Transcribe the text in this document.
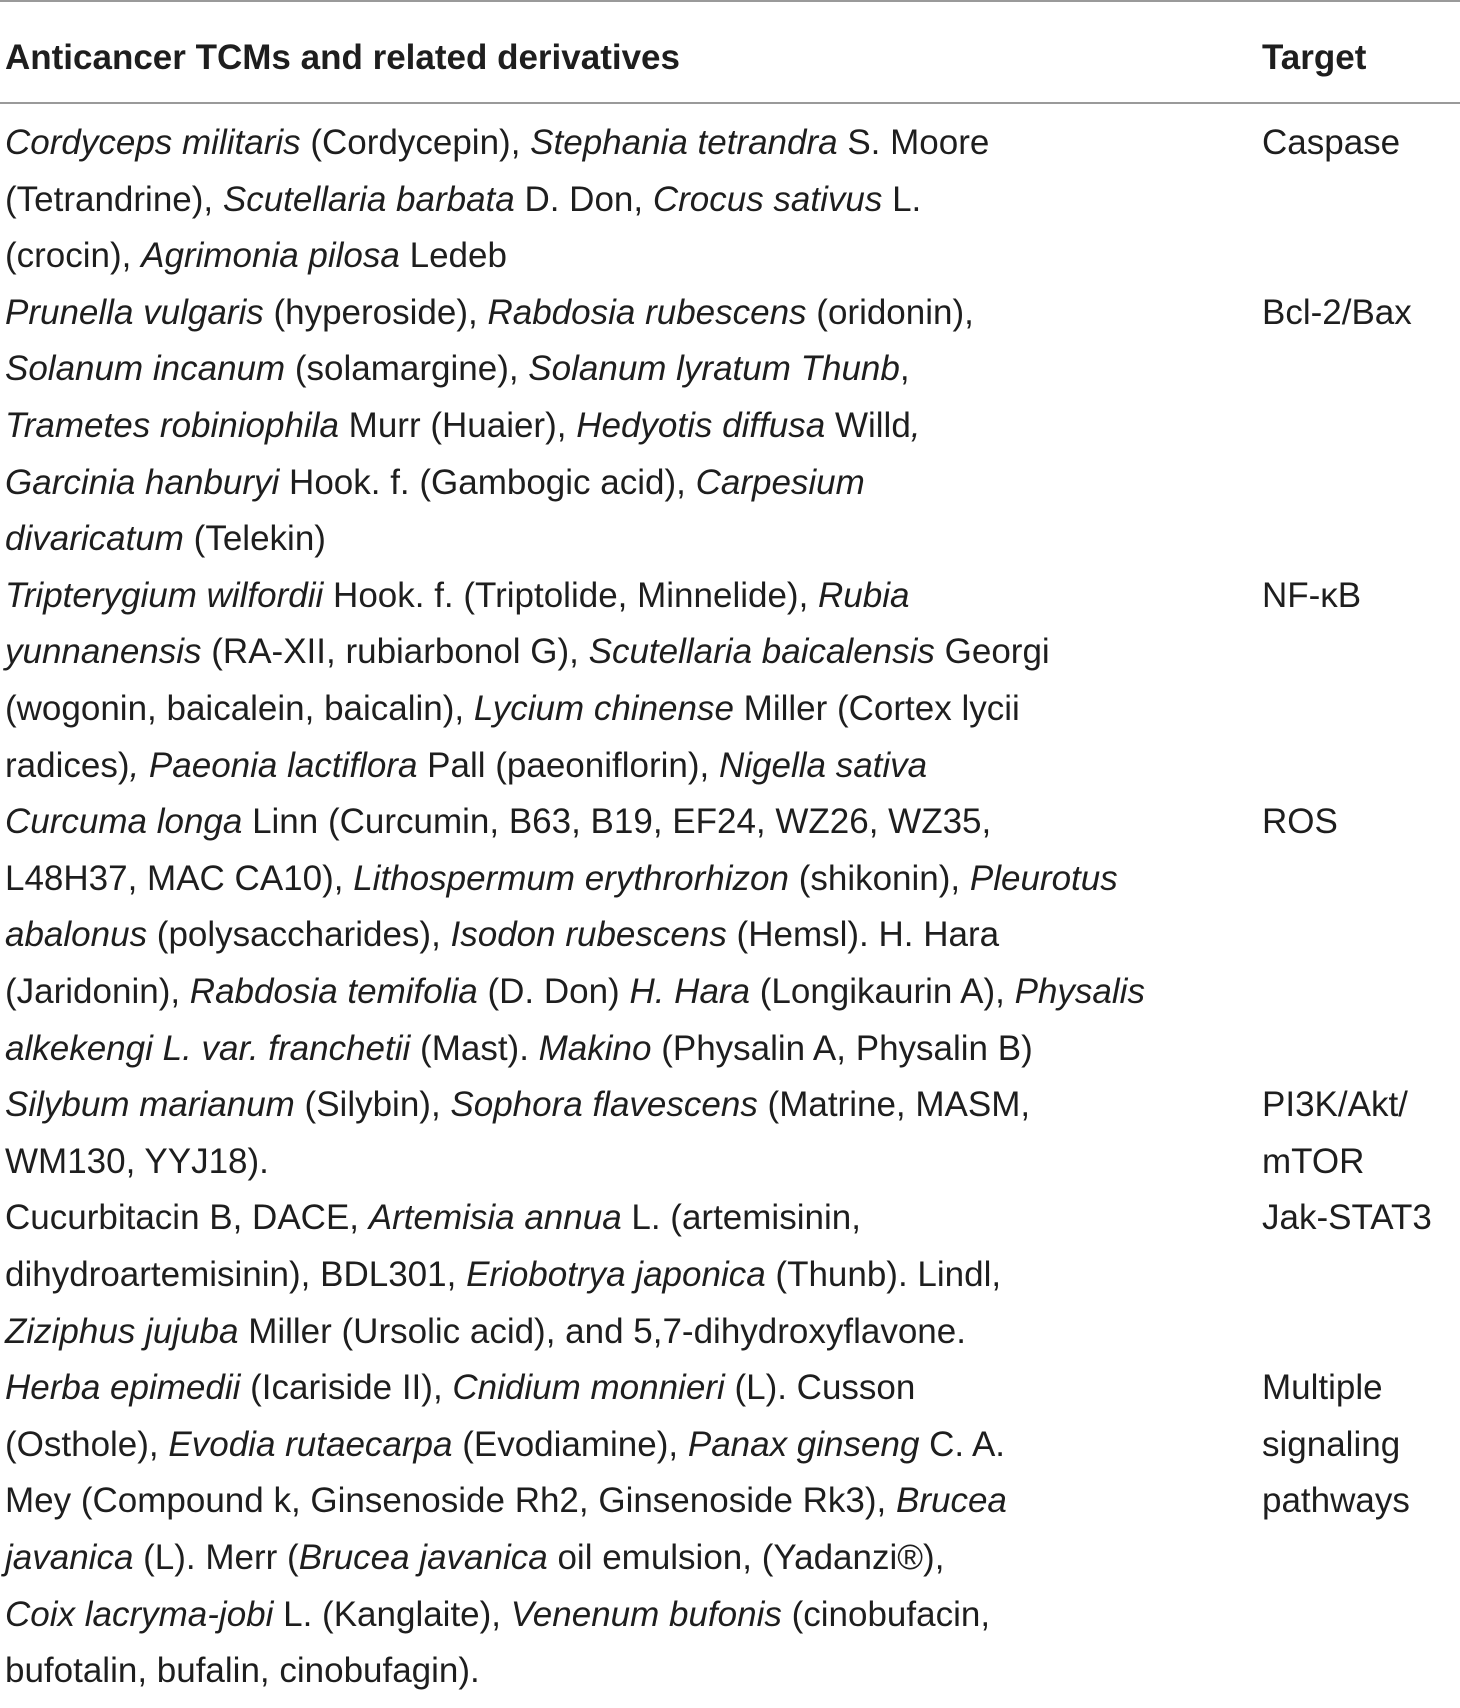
Anticancer TCMs and related derivatives	Target
Cordyceps militaris (Cordycepin), Stephania tetrandra S. Moore
(Tetrandrine), Scutellaria barbata D. Don, Crocus sativus L.
(crocin), Agrimonia pilosa Ledeb
Caspase
Prunella vulgaris (hyperoside), Rabdosia rubescens (oridonin),
Solanum incanum (solamargine), Solanum lyratum Thunb,
Trametes robiniophila Murr (Huaier), Hedyotis diffusa Willd,
Garcinia hanburyi Hook. f. (Gambogic acid), Carpesium
divaricatum (Telekin)
Bcl-2/Bax
Tripterygium wilfordii Hook. f. (Triptolide, Minnelide), Rubia
yunnanensis (RA-XII, rubiarbonol G), Scutellaria baicalensis Georgi
(wogonin, baicalein, baicalin), Lycium chinense Miller (Cortex lycii
radices), Paeonia lactiflora Pall (paeoniflorin), Nigella sativa
NF-κB
Curcuma longa Linn (Curcumin, B63, B19, EF24, WZ26, WZ35,
L48H37, MAC CA10), Lithospermum erythrorhizon (shikonin), Pleurotus
abalonus (polysaccharides), Isodon rubescens (Hemsl). H. Hara
(Jaridonin), Rabdosia temifolia (D. Don) H. Hara (Longikaurin A), Physalis
alkekengi L. var. franchetii (Mast). Makino (Physalin A, Physalin B)
ROS
Silybum marianum (Silybin), Sophora flavescens (Matrine, MASM,
WM130, YYJ18).
PI3K/Akt/
mTOR
Cucurbitacin B, DACE, Artemisia annua L. (artemisinin,
dihydroartemisinin), BDL301, Eriobotrya japonica (Thunb). Lindl,
Ziziphus jujuba Miller (Ursolic acid), and 5,7-dihydroxyflavone.
Jak-STAT3
Herba epimedii (Icariside II), Cnidium monnieri (L). Cusson
(Osthole), Evodia rutaecarpa (Evodiamine), Panax ginseng C. A.
Mey (Compound k, Ginsenoside Rh2, Ginsenoside Rk3), Brucea
javanica (L). Merr (Brucea javanica oil emulsion, (Yadanzi®),
Coix lacryma-jobi L. (Kanglaite), Venenum bufonis (cinobufacin,
bufotalin, bufalin, cinobufagin).
Multiple
signaling
pathways
